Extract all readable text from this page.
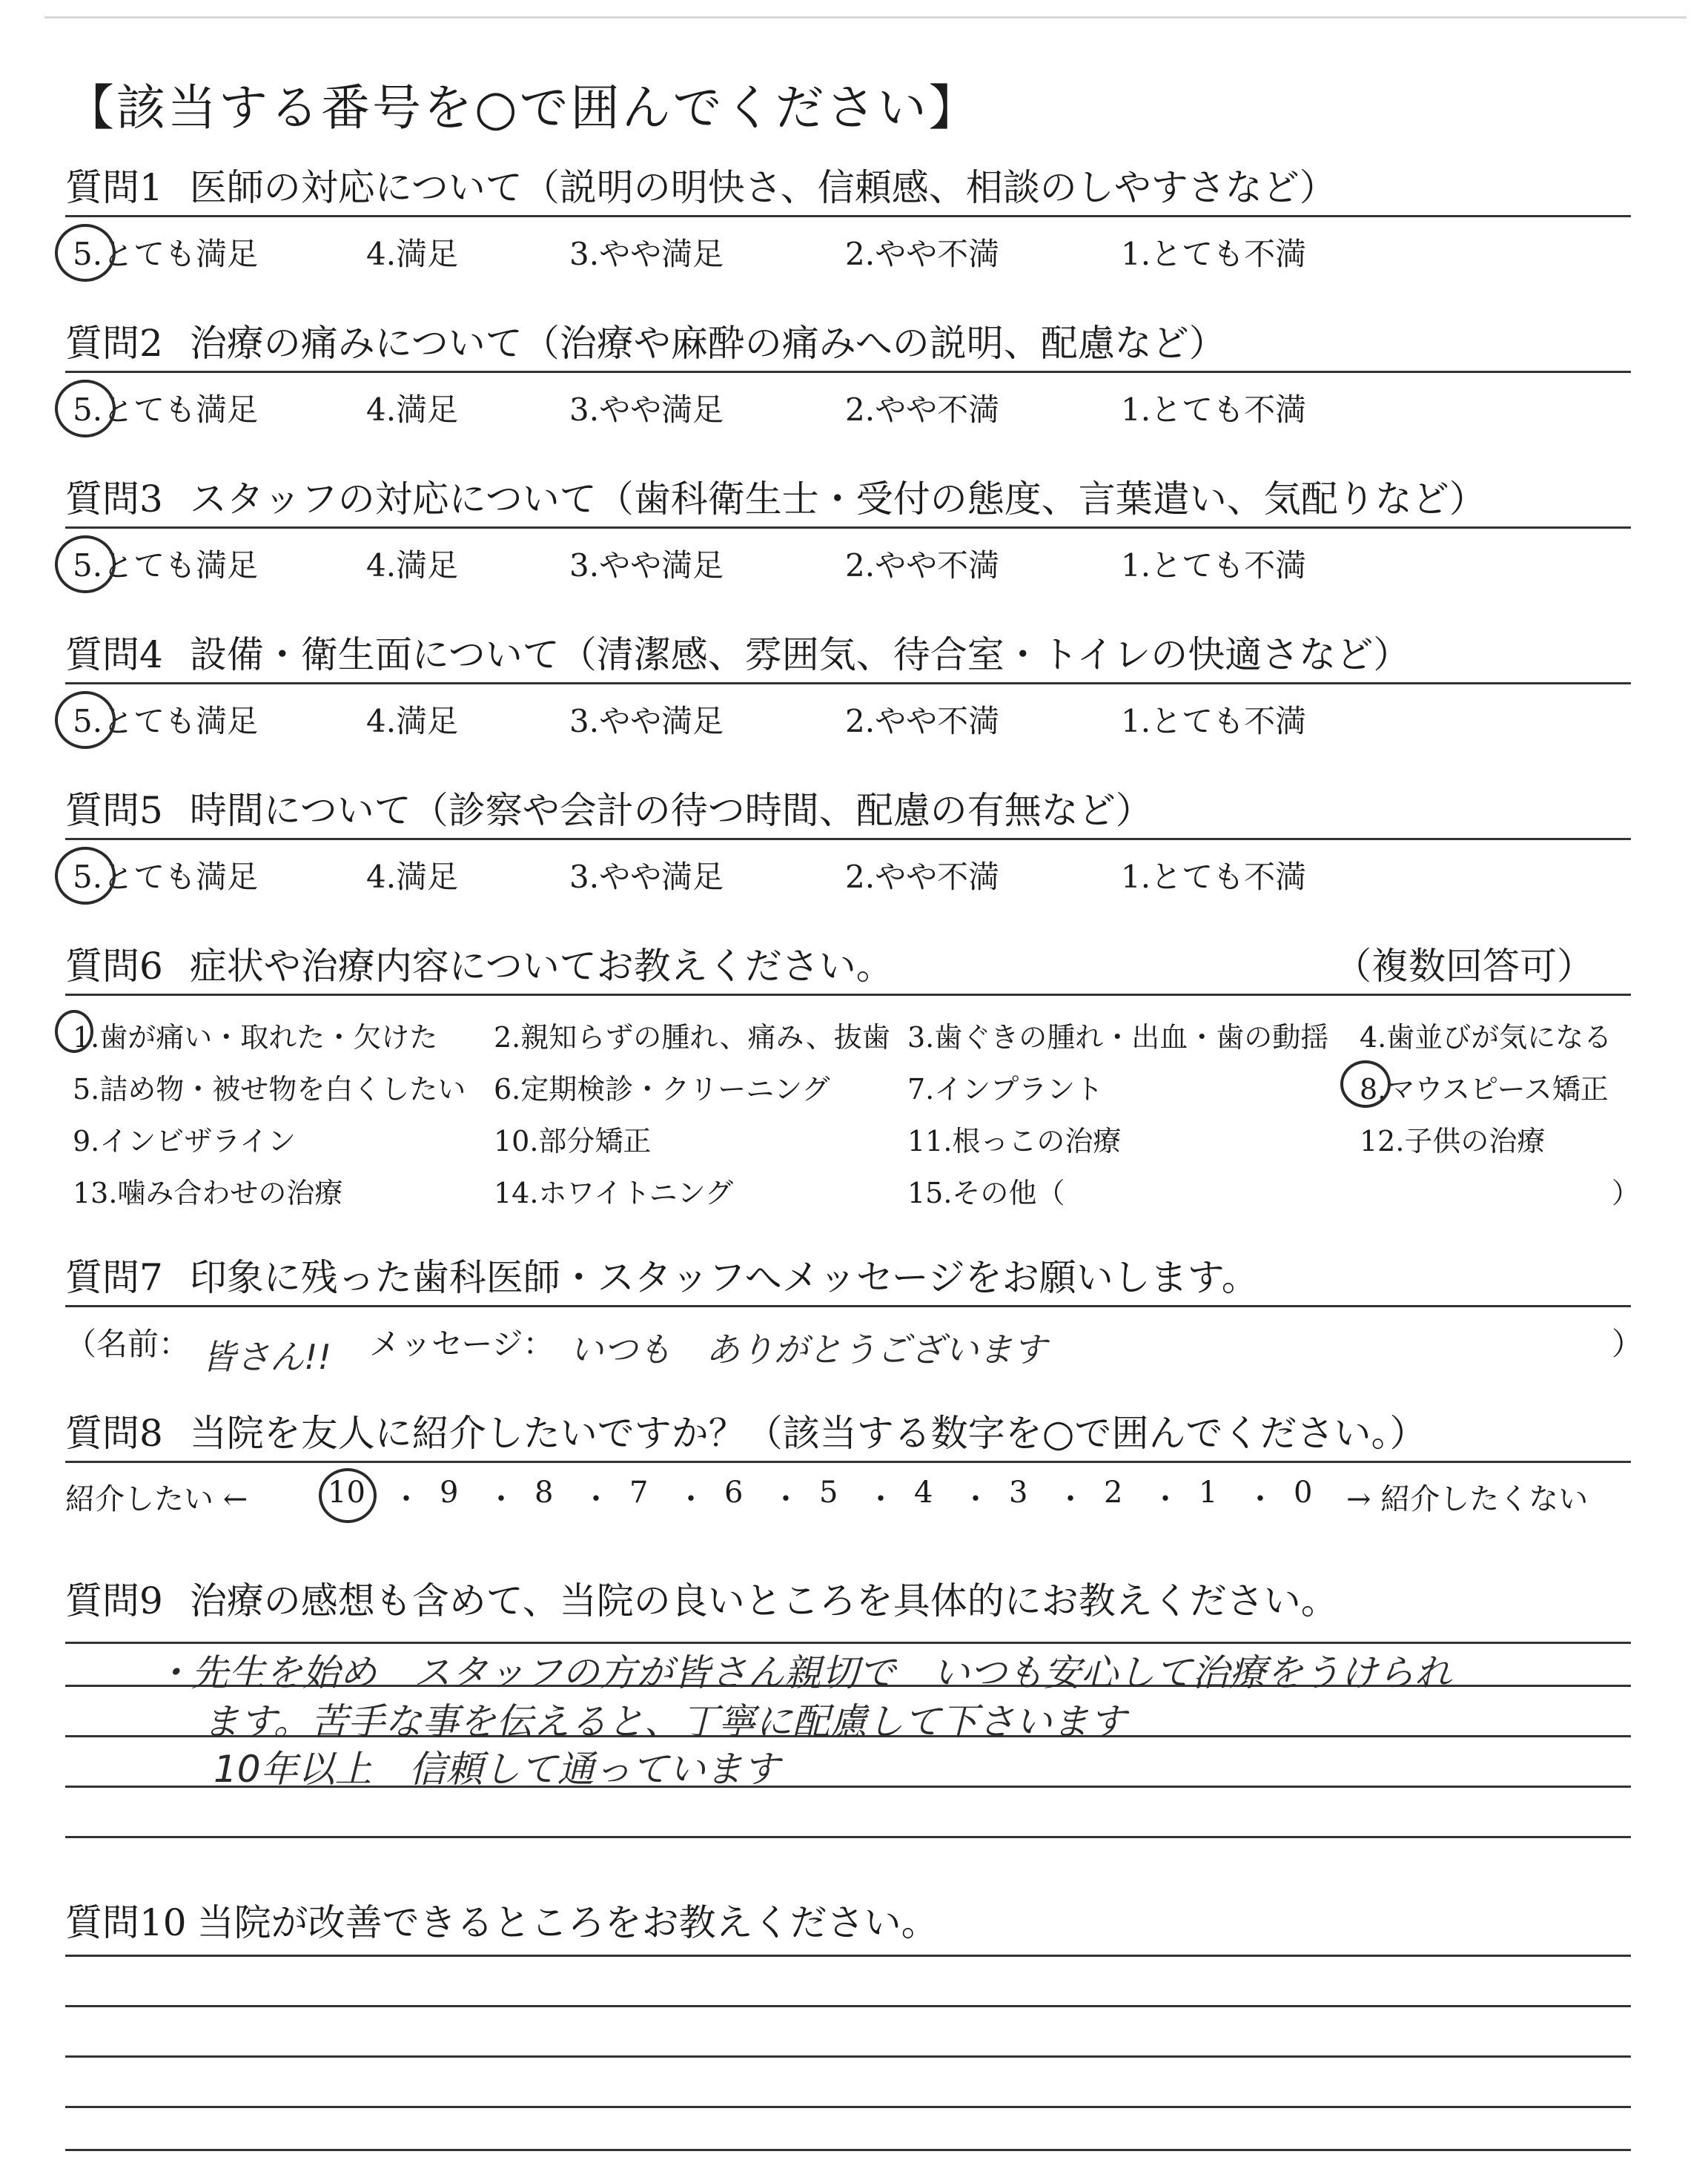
【該当する番号を○で囲んでください】
質問1 医師の対応について（説明の明快さ、信頼感、相談のしやすさなど）
5.とても満足	4.満足	3.やや満足	2.やや不満	1.とても不満
質問2 治療の痛みについて（治療や麻酔の痛みへの説明、配慮など）
5.とても満足	4.満足	3.やや満足	2.やや不満	1.とても不満
質問3 スタッフの対応について（歯科衛生士・受付の態度、言葉遣い、気配りなど）
5.とても満足	4.満足	3.やや満足	2.やや不満	1.とても不満
質問4 設備・衛生面について（清潔感、雰囲気、待合室・トイレの快適さなど）
5.とても満足	4.満足	3.やや満足	2.やや不満	1.とても不満
質問5 時間について（診察や会計の待つ時間、配慮の有無など）
5.とても満足	4.満足	3.やや満足	2.やや不満	1.とても不満
質問6 症状や治療内容についてお教えください。	（複数回答可）
1.歯が痛い・取れた・欠けた 2.親知らずの腫れ、痛み、抜歯 3.歯ぐきの腫れ・出血・歯の動揺 4.歯並びが気になる
5.詰め物・被せ物を白くしたい 6.定期検診・クリーニング	7.インプラント	8.マウスピース矯正
9.インビザライン	10.部分矯正	11.根っこの治療	12.子供の治療
13.噛み合わせの治療	14.ホワイトニング	15.その他（	）
質問7 印象に残った歯科医師・スタッフへメッセージをお願いします。
（名前： 皆さん!! メッセージ： いつも　ありがとうございます	）
質問8 当院を友人に紹介したいですか？（該当する数字を○で囲んでください。）
紹介したい ←	10 ・ 9 ・ 8 ・ 7 ・ 6 ・ 5 ・ 4 ・ 3 ・ 2 ・ 1 ・ 0 → 紹介したくない
質問9 治療の感想も含めて、当院の良いところを具体的にお教えください。
・先生を始め　スタッフの方が皆さん親切で　いつも安心して治療をうけられ
ます。苦手な事を伝えると、丁寧に配慮して下さいます
10年以上　信頼して通っています
質問10 当院が改善できるところをお教えください。
